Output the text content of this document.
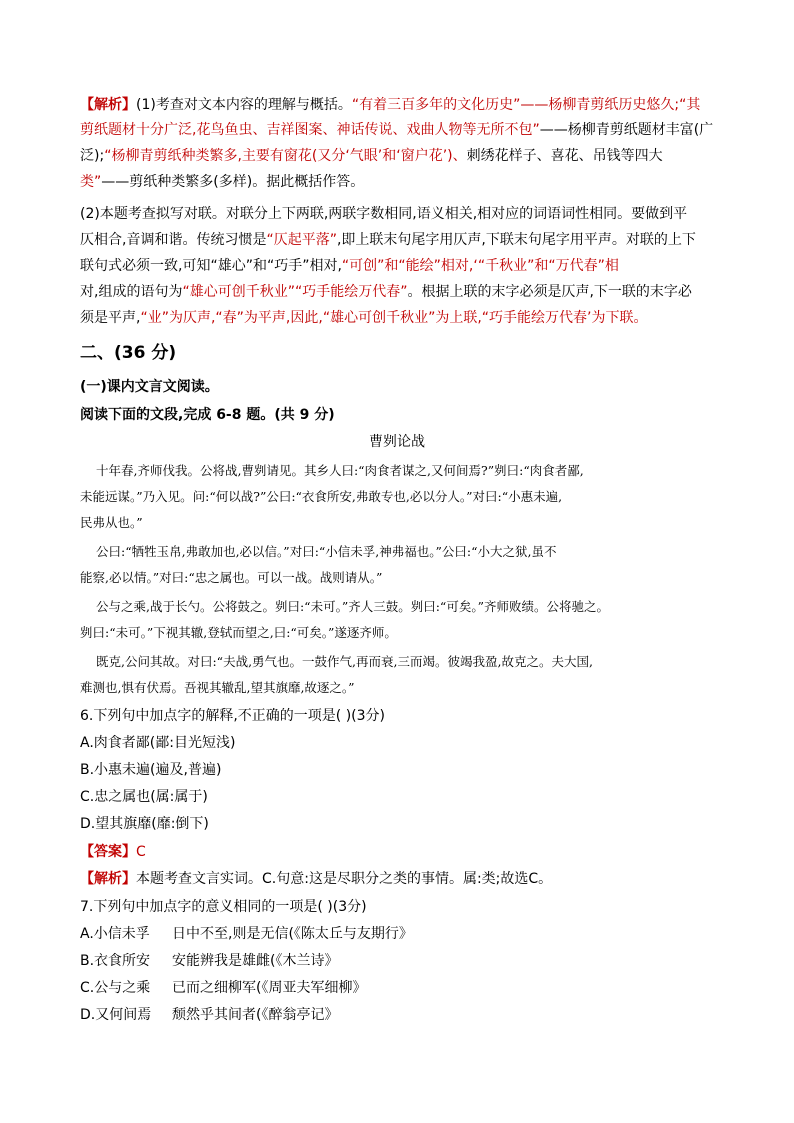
【解析】(1)考查对文本内容的理解与概括。“有着三百多年的文化历史”——杨柳青剪纸历史悠久;“其
剪纸题材十分广泛,花鸟鱼虫、吉祥图案、神话传说、戏曲人物等无所不包”——杨柳青剪纸题材丰富(广
泛);“杨柳青剪纸种类繁多,主要有窗花(又分‘气眼’和‘窗户花’)、刺绣花样子、喜花、吊钱等四大
类”——剪纸种类繁多(多样)。据此概括作答。
(2)本题考查拟写对联。对联分上下两联,两联字数相同,语义相关,相对应的词语词性相同。要做到平
仄相合,音调和谐。传统习惯是“仄起平落”,即上联末句尾字用仄声,下联末句尾字用平声。对联的上下
联句式必须一致,可知“雄心”和“巧手”相对,“可创”和“能绘”相对,‘“千秋业”和“万代春”相
对,组成的语句为“雄心可创千秋业”“巧手能绘万代春”。根据上联的末字必须是仄声,下一联的末字必
须是平声,“业”为仄声,“春”为平声,因此,“雄心可创千秋业”为上联,“巧手能绘万代春’为下联。
二、(36 分)
(一)课内文言文阅读。
阅读下面的文段,完成 6-8 题。(共 9 分)
曹刿论战
十年春,齐师伐我。公将战,曹刿请见。其乡人曰:“肉食者谋之,又何间焉?”刿曰:“肉食者鄙,
未能远谋。”乃入见。问:“何以战?”公曰:“衣食所安,弗敢专也,必以分人。”对曰:“小惠未遍,
民弗从也。”
公曰:“牺牲玉帛,弗敢加也,必以信。”对曰:“小信未孚,神弗福也。”公曰:“小大之狱,虽不
能察,必以情。”对曰:“忠之属也。可以一战。战则请从。”
公与之乘,战于长勺。公将鼓之。刿曰:“未可。”齐人三鼓。刿曰:“可矣。”齐师败绩。公将驰之。
刿曰:“未可。”下视其辙,登轼而望之,曰:“可矣。”遂逐齐师。
既克,公问其故。对曰:“夫战,勇气也。一鼓作气,再而衰,三而竭。彼竭我盈,故克之。夫大国,
难测也,惧有伏焉。吾视其辙乱,望其旗靡,故逐之。”
6.下列句中加点字的解释,不正确的一项是( )(3分)
A.肉食者鄙(鄙:目光短浅)
B.小惠未遍(遍及,普遍)
C.忠之属也(属:属于)
D.望其旗靡(靡:倒下)
【答案】C
【解析】本题考查文言实词。C.句意:这是尽职分之类的事情。属:类;故选C。
7.下列句中加点字的意义相同的一项是( )(3分)
A.小信未孚 日中不至,则是无信(《陈太丘与友期行》
B.衣食所安 安能辨我是雄雌(《木兰诗》
C.公与之乘 已而之细柳军(《周亚夫军细柳》
D.又何间焉 颓然乎其间者(《醉翁亭记》
